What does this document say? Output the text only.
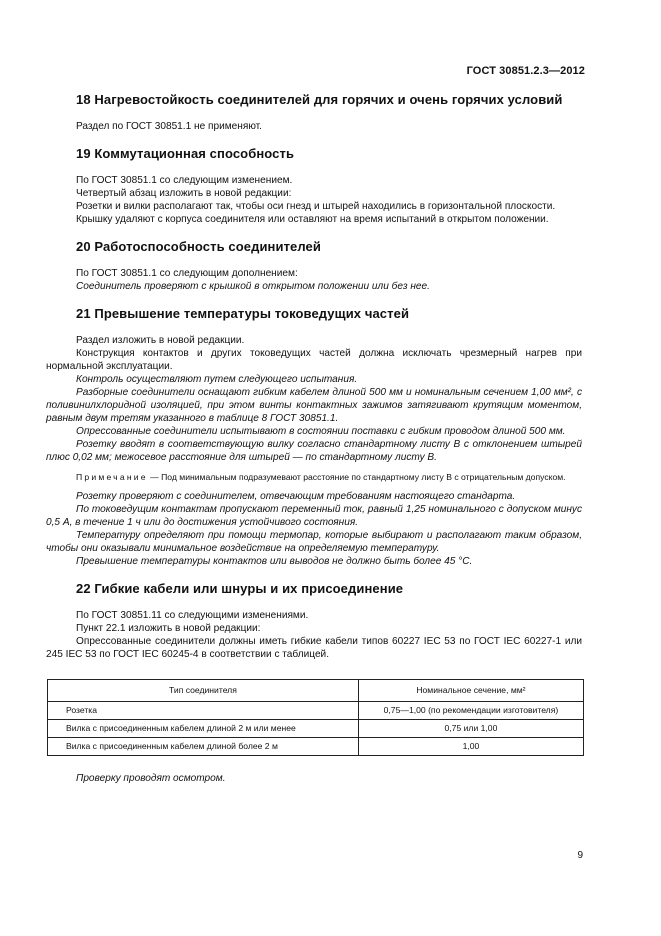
ГОСТ 30851.2.3—2012
18 Нагревостойкость соединителей для горячих и очень горячих условий

Раздел по ГОСТ 30851.1 не применяют.

19 Коммутационная способность

По ГОСТ 30851.1 со следующим изменением.

Четвертый абзац изложить в новой редакции:

Розетки и вилки располагают так, чтобы оси гнезд и штырей находились в горизонтальной плоскости.

Крышку удаляют с корпуса соединителя или оставляют на время испытаний в открытом положении.

20 Работоспособность соединителей

По ГОСТ 30851.1 со следующим дополнением:

Соединитель проверяют с крышкой в открытом положении или без нее.

21 Превышение температуры токоведущих частей

Раздел изложить в новой редакции.

Конструкция контактов и других токоведущих частей должна исключать чрезмерный нагрев при нормальной эксплуатации.

Контроль осуществляют путем следующего испытания.

Разборные соединители оснащают гибким кабелем длиной 500 мм и номинальным сечением 1,00 мм², с поливинилхлоридной изоляцией, при этом винты контактных зажимов затягивают крутящим моментом, равным двум третям указанного в таблице 8 ГОСТ 30851.1.

Опрессованные соединители испытывают в состоянии поставки с гибким проводом длиной 500 мм.

Розетку вводят в соответствующую вилку согласно стандартному листу B с отклонением штырей плюс 0,02 мм; межосевое расстояние для штырей — по стандартному листу B.

Примечание — Под минимальным подразумевают расстояние по стандартному листу B с отрицательным допуском.

Розетку проверяют с соединителем, отвечающим требованиям настоящего стандарта.

По токоведущим контактам пропускают переменный ток, равный 1,25 номинального с допуском минус 0,5 А, в течение 1 ч или до достижения устойчивого состояния.

Температуру определяют при помощи термопар, которые выбирают и располагают таким образом, чтобы они оказывали минимальное воздействие на определяемую температуру.

Превышение температуры контактов или выводов не должно быть более 45 °С.

22 Гибкие кабели или шнуры и их присоединение

По ГОСТ 30851.11 со следующими изменениями.

Пункт 22.1 изложить в новой редакции:

Опрессованные соединители должны иметь гибкие кабели типов 60227 IEC 53 по ГОСТ IEC 60227-1 или 245 IEC 53 по ГОСТ IEC 60245-4 в соответствии с таблицей.

Тип соединителя	Номинальное сечение, мм²
Розетка	0,75—1,00 (по рекомендации изготовителя)
Вилка с присоединенным кабелем длиной 2 м или менее	0,75 или 1,00
Вилка с присоединенным кабелем длиной более 2 м	1,00

Проверку проводят осмотром.

9
